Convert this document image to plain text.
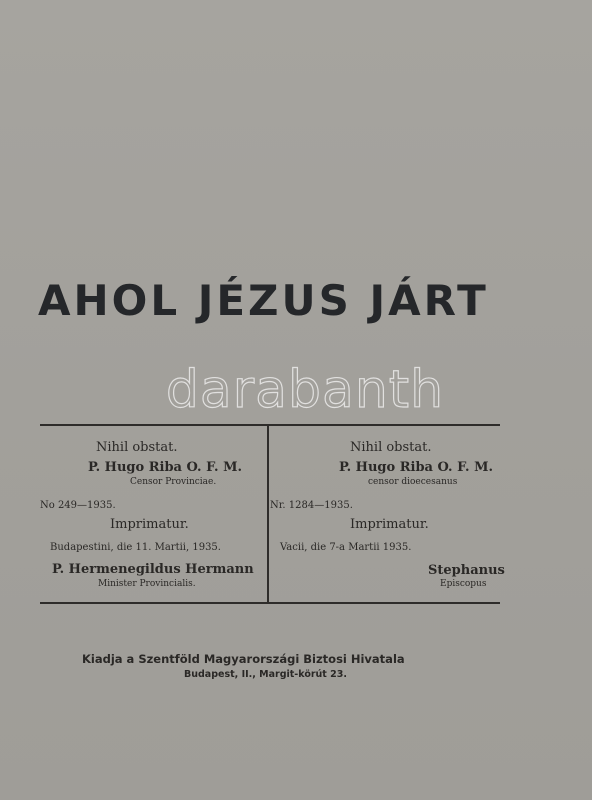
AHOL JÉZUS JÁRT
Nihil obstat.
P. Hugo Riba O. F. M.
Censor Provinciae.
No 249—1935.
Imprimatur.
Budapestini, die 11. Martii, 1935.
P. Hermenegildus Hermann
Minister Provincialis.
Nihil obstat.
P. Hugo Riba O. F. M.
censor dioecesanus
Nr. 1284—1935.
Imprimatur.
Vacii, die 7-a Martii 1935.
Stephanus
Episcopus
Kiadja a Szentföld Magyarországi Biztosi Hivatala
Budapest, II., Margit-körút 23.
darabanth
